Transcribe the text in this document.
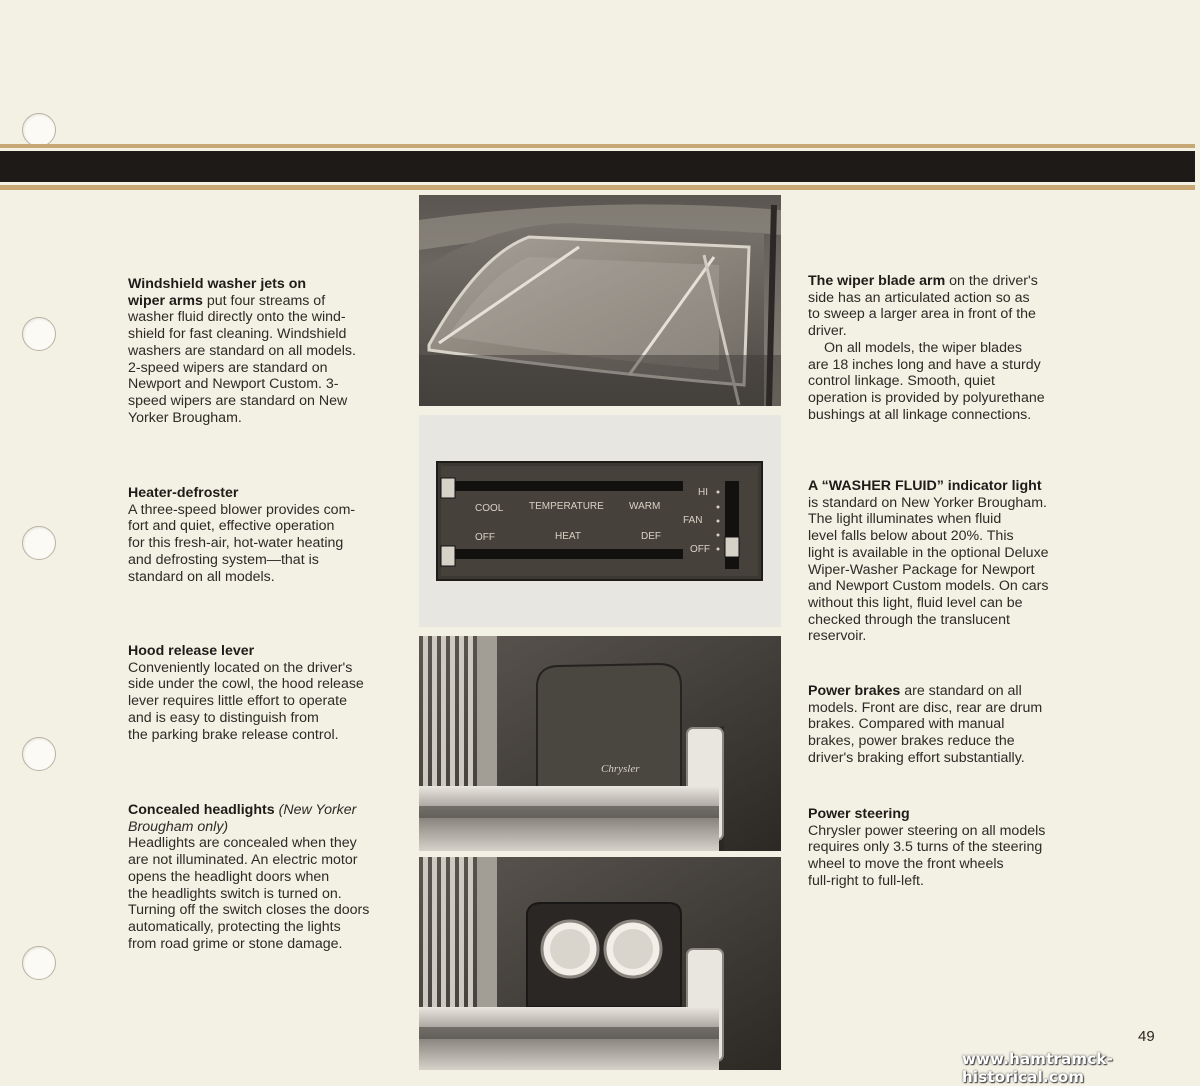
Windshield washer jets on

wiper arms put four streams of

washer fluid directly onto the wind-

shield for fast cleaning. Windshield

washers are standard on all models.

2-speed wipers are standard on

Newport and Newport Custom. 3-

speed wipers are standard on New

Yorker Brougham.

Heater-defroster

A three-speed blower provides com-

fort and quiet, effective operation

for this fresh-air, hot-water heating

and defrosting system—that is

standard on all models.

Hood release lever

Conveniently located on the driver's

side under the cowl, the hood release

lever requires little effort to operate

and is easy to distinguish from

the parking brake release control.

Concealed headlights (New Yorker

Brougham only)

Headlights are concealed when they

are not illuminated. An electric motor

opens the headlight doors when

the headlights switch is turned on.

Turning off the switch closes the doors

automatically, protecting the lights

from road grime or stone damage.

COOL	TEMPERATURE	WARM
OFF	HEAT	DEF
HI
FAN
OFF
Chrysler

The wiper blade arm on the driver's

side has an articulated action so as

to sweep a larger area in front of the

driver.

On all models, the wiper blades

are 18 inches long and have a sturdy

control linkage. Smooth, quiet

operation is provided by polyurethane

bushings at all linkage connections.

A “WASHER FLUID” indicator light

is standard on New Yorker Brougham.

The light illuminates when fluid

level falls below about 20%. This

light is available in the optional Deluxe

Wiper-Washer Package for Newport

and Newport Custom models. On cars

without this light, fluid level can be

checked through the translucent

reservoir.

Power brakes are standard on all

models. Front are disc, rear are drum

brakes. Compared with manual

brakes, power brakes reduce the

driver's braking effort substantially.

Power steering

Chrysler power steering on all models

requires only 3.5 turns of the steering

wheel to move the front wheels

full-right to full-left.

49
www.hamtramck-historical.com
